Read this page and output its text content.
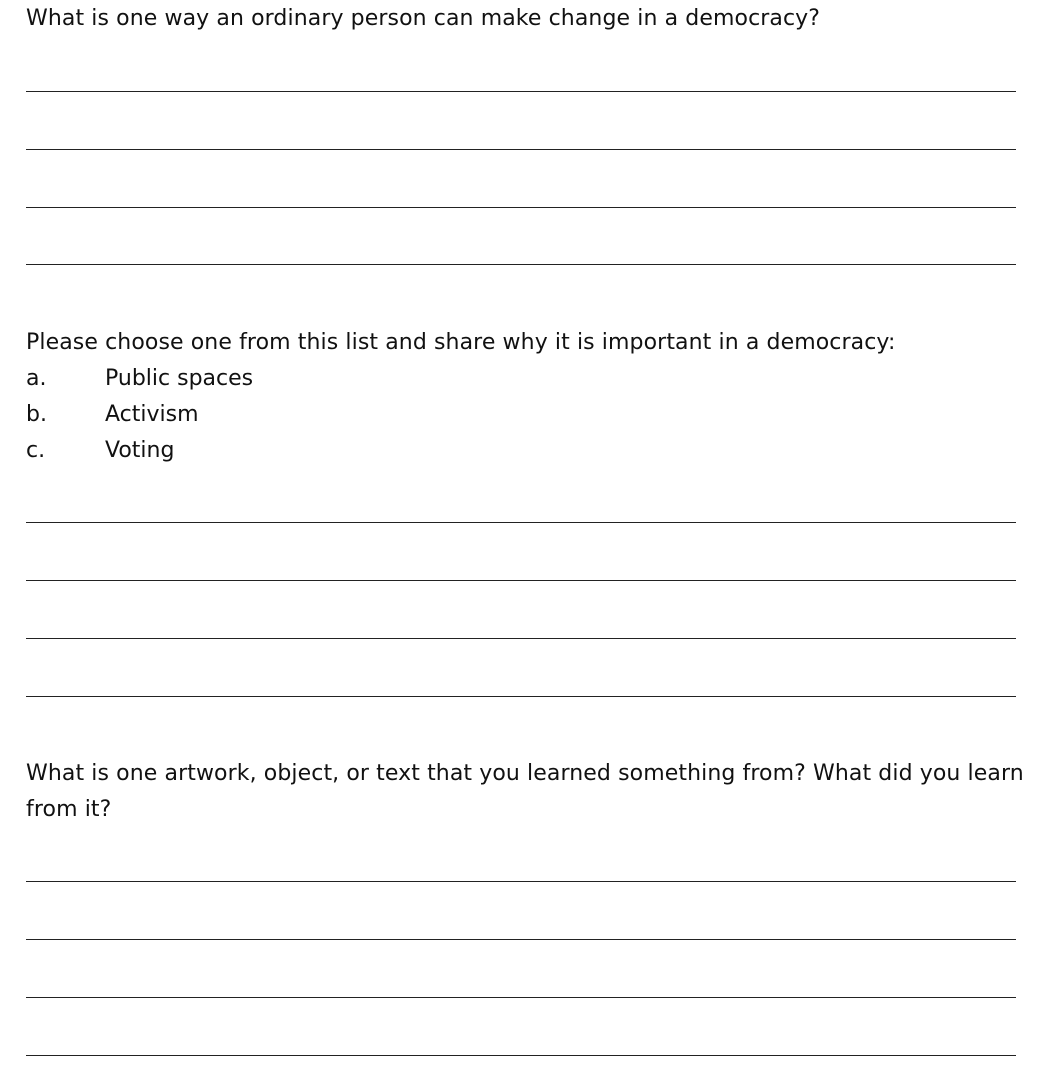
What is one way an ordinary person can make change in a democracy?
Please choose one from this list and share why it is important in a democracy:
a.	Public spaces
b.	Activism
c.	Voting
What is one artwork, object, or text that you learned something from? What did you learn from it?
